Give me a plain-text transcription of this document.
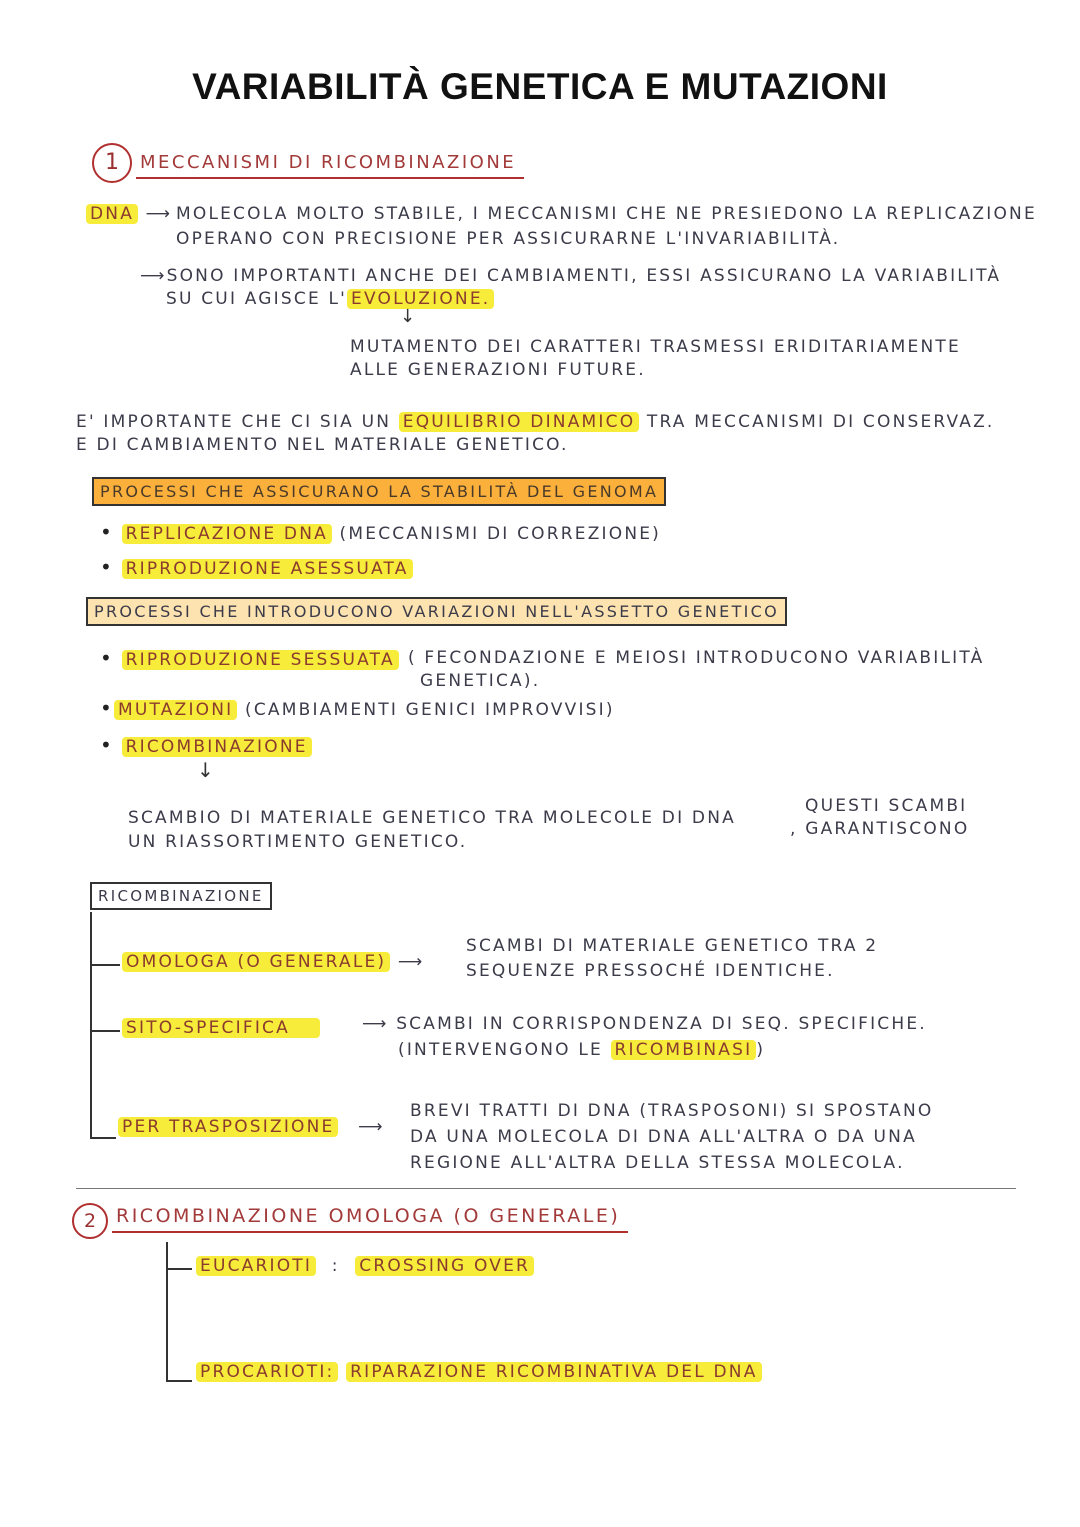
VARIABILITÀ GENETICA E MUTAZIONI
1	MECCANISMI DI RICOMBINAZIONE
DNA ⟶ MOLECOLA MOLTO STABILE, I MECCANISMI CHE NE PRESIEDONO LA REPLICAZIONE
OPERANO CON PRECISIONE PER ASSICURARNE L'INVARIABILITÀ.
⟶SONO IMPORTANTI ANCHE DEI CAMBIAMENTI, ESSI ASSICURANO LA VARIABILITÀ
SU CUI AGISCE L' EVOLUZIONE.
↓
MUTAMENTO DEI CARATTERI TRASMESSI ERIDITARIAMENTE
ALLE GENERAZIONI FUTURE.
E' IMPORTANTE CHE CI SIA UN EQUILIBRIO DINAMICO TRA MECCANISMI DI CONSERVAZ.
E DI CAMBIAMENTO NEL MATERIALE GENETICO.
PROCESSI CHE ASSICURANO LA STABILITÀ DEL GENOMA
• REPLICAZIONE DNA (MECCANISMI DI CORREZIONE)
• RIPRODUZIONE ASESSUATA
PROCESSI CHE INTRODUCONO VARIAZIONI NELL'ASSETTO GENETICO
• RIPRODUZIONE SESSUATA ( FECONDAZIONE E MEIOSI INTRODUCONO VARIABILITÀ
GENETICA).
• MUTAZIONI (CAMBIAMENTI GENICI IMPROVVISI)
• RICOMBINAZIONE
↓
SCAMBIO DI MATERIALE GENETICO TRA MOLECOLE DI DNA
QUESTI SCAMBI
, GARANTISCONO
UN RIASSORTIMENTO GENETICO.
RICOMBINAZIONE
OMOLOGA (O GENERALE) ⟶
SCAMBI DI MATERIALE GENETICO TRA 2
SEQUENZE PRESSOCHÉ IDENTICHE.
SITO-SPECIFICA	⟶ SCAMBI IN CORRISPONDENZA DI SEQ. SPECIFICHE.
(INTERVENGONO LE RICOMBINASI )
PER TRASPOSIZIONE ⟶
BREVI TRATTI DI DNA (TRASPOSONI) SI SPOSTANO
DA UNA MOLECOLA DI DNA ALL'ALTRA O DA UNA
REGIONE ALL'ALTRA DELLA STESSA MOLECOLA.
2	RICOMBINAZIONE OMOLOGA (O GENERALE)
EUCARIOTI : CROSSING OVER
PROCARIOTI: RIPARAZIONE RICOMBINATIVA DEL DNA
